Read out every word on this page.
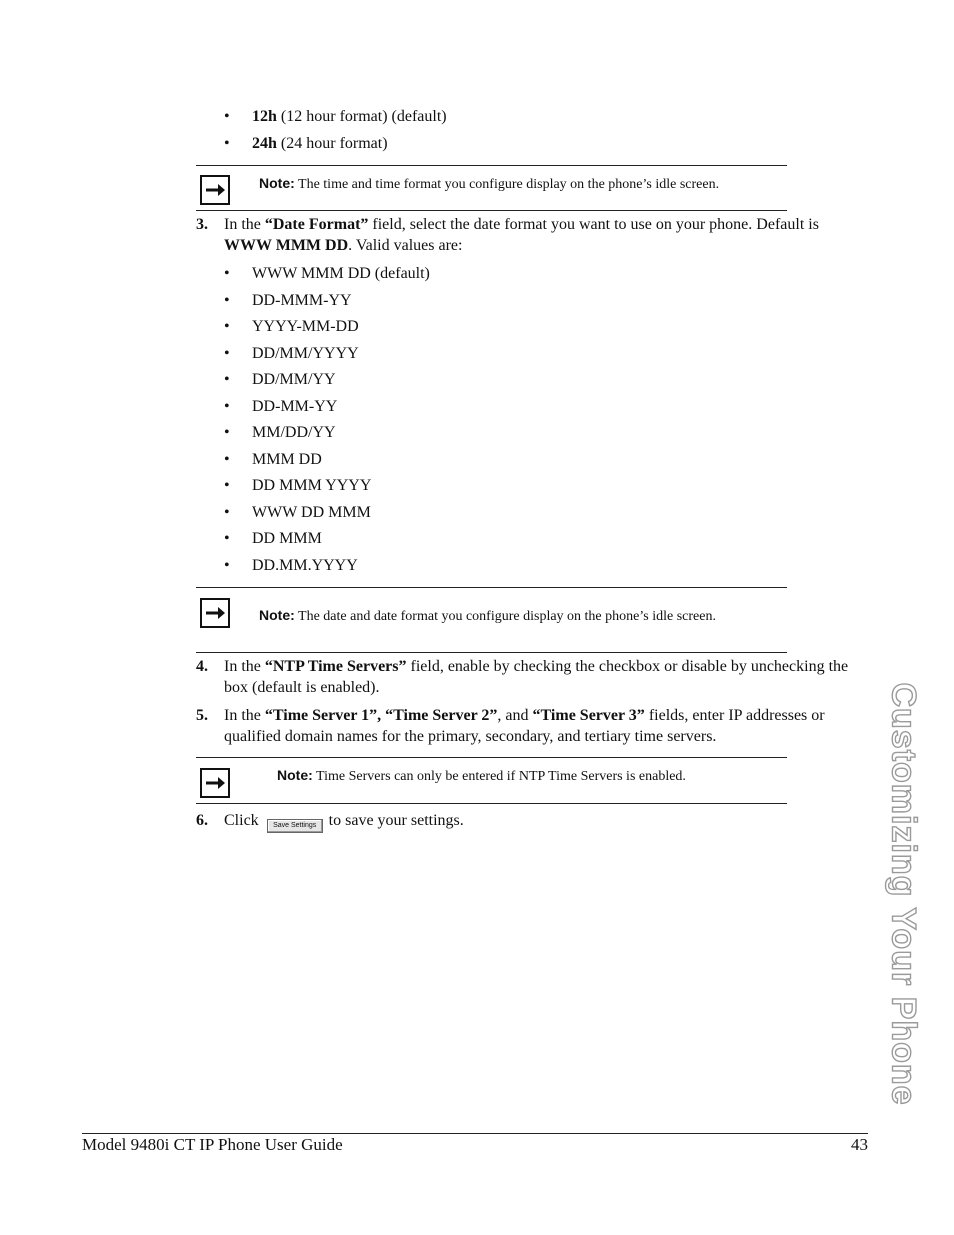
• 12h (12 hour format) (default)
• 24h (24 hour format)
Note: The time and time format you configure display on the phone’s idle screen.
3. In the “Date Format” field, select the date format you want to use on your phone. Default is WWW MMM DD. Valid values are:
• WWW MMM DD (default)
• DD-MMM-YY
• YYYY-MM-DD
• DD/MM/YYYY
• DD/MM/YY
• DD-MM-YY
• MM/DD/YY
• MMM DD
• DD MMM YYYY
• WWW DD MMM
• DD MMM
• DD.MM.YYYY
Note: The date and date format you configure display on the phone’s idle screen.
4. In the “NTP Time Servers” field, enable by checking the checkbox or disable by unchecking the box (default is enabled).
5. In the “Time Server 1”, “Time Server 2”, and “Time Server 3” fields, enter IP addresses or qualified domain names for the primary, secondary, and tertiary time servers.
Note: Time Servers can only be entered if NTP Time Servers is enabled.
6. Click Save Settings to save your settings.	Customizing Your Phone
Model 9480i CT IP Phone User Guide	43
